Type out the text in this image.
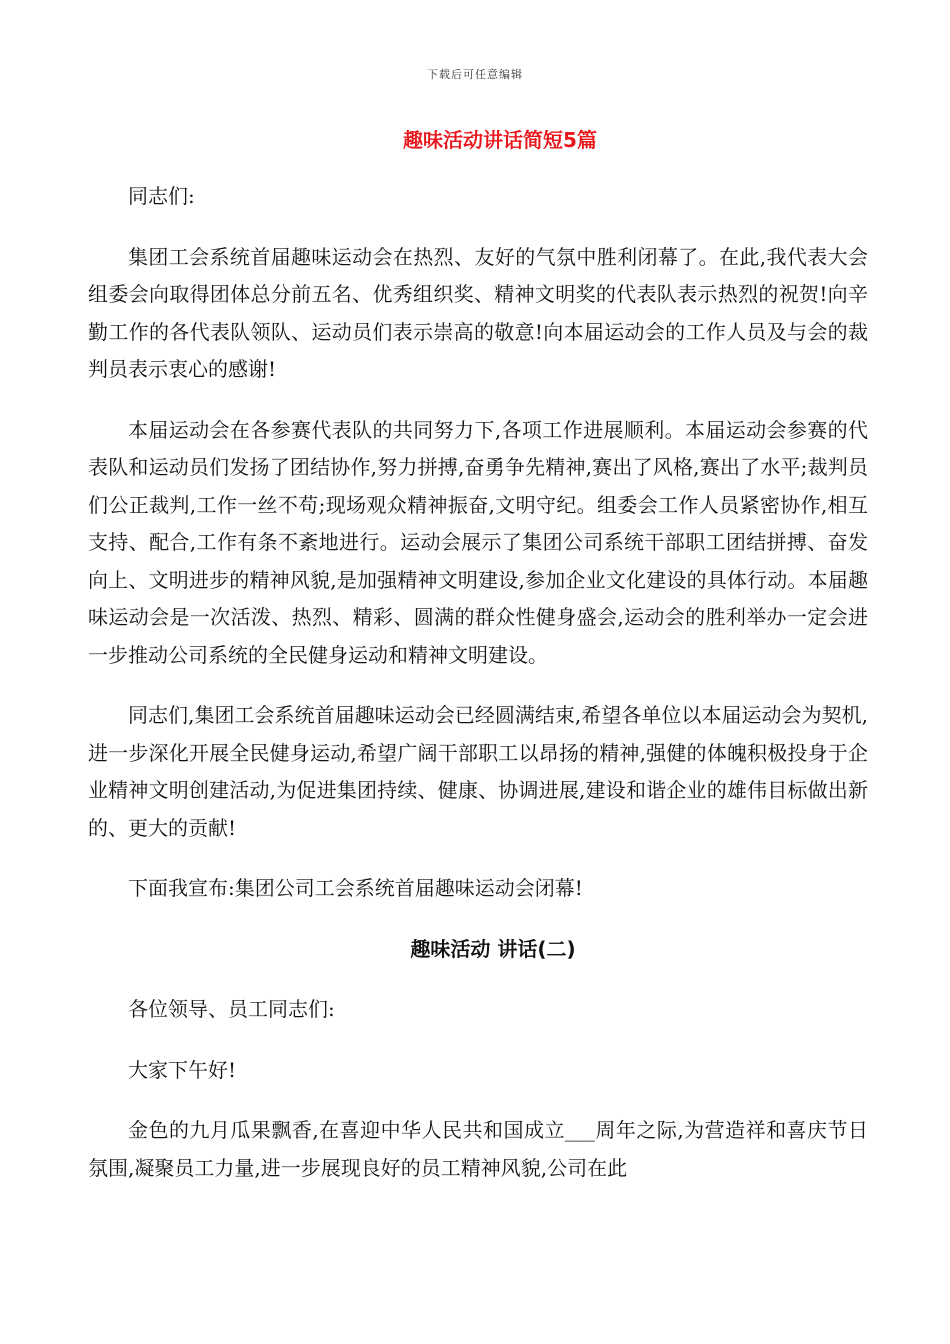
下载后可任意编辑
趣味活动讲话简短5篇

同志们:

集团工会系统首届趣味运动会在热烈、友好的气氛中胜利闭幕了。在此,我代表大会组委会向取得团体总分前五名、优秀组织奖、精神文明奖的代表队表示热烈的祝贺!向辛勤工作的各代表队领队、运动员们表示崇高的敬意!向本届运动会的工作人员及与会的裁判员表示衷心的感谢!

本届运动会在各参赛代表队的共同努力下,各项工作进展顺利。本届运动会参赛的代表队和运动员们发扬了团结协作,努力拼搏,奋勇争先精神,赛出了风格,赛出了水平;裁判员们公正裁判,工作一丝不苟;现场观众精神振奋,文明守纪。组委会工作人员紧密协作,相互支持、配合,工作有条不紊地进行。运动会展示了集团公司系统干部职工团结拼搏、奋发向上、文明进步的精神风貌,是加强精神文明建设,参加企业文化建设的具体行动。本届趣味运动会是一次活泼、热烈、精彩、圆满的群众性健身盛会,运动会的胜利举办一定会进一步推动公司系统的全民健身运动和精神文明建设。

同志们,集团工会系统首届趣味运动会已经圆满结束,希望各单位以本届运动会为契机,进一步深化开展全民健身运动,希望广阔干部职工以昂扬的精神,强健的体魄积极投身于企业精神文明创建活动,为促进集团持续、健康、协调进展,建设和谐企业的雄伟目标做出新的、更大的贡献!

下面我宣布:集团公司工会系统首届趣味运动会闭幕!

趣味活动 讲话(二)

各位领导、员工同志们:

大家下午好!

金色的九月瓜果飘香,在喜迎中华人民共和国成立___周年之际,为营造祥和喜庆节日氛围,凝聚员工力量,进一步展现良好的员工精神风貌,公司在此
